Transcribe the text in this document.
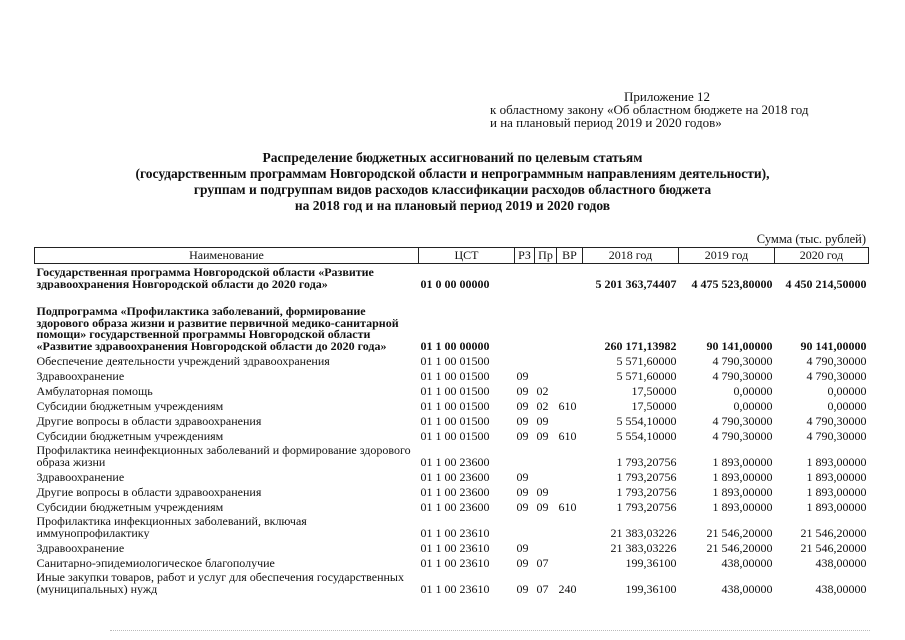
Приложение 12
к областному закону «Об областном бюджете на 2018 год
и на плановый период 2019 и 2020 годов»
Распределение бюджетных ассигнований по целевым статьям
(государственным программам Новгородской области и непрограммным направлениям деятельности),
группам и подгруппам видов расходов классификации расходов областного бюджета
на 2018 год и на плановый период 2019 и 2020 годов
Сумма (тыс. рублей)
Наименование	ЦСТ	РЗ	Пр	ВР	2018 год	2019 год	2020 год
Государственная программа Новгородской области «Развитие здравоохранения Новгородской области до 2020 года»	01 0 00 00000				5 201 363,74407	4 475 523,80000	4 450 214,50000
Подпрограмма «Профилактика заболеваний, формирование здорового образа жизни и развитие первичной медико-санитарной помощи» государственной программы Новгородской области «Развитие здравоохранения Новгородской области до 2020 года»	01 1 00 00000				260 171,13982	90 141,00000	90 141,00000
Обеспечение деятельности учреждений здравоохранения	01 1 00 01500				5 571,60000	4 790,30000	4 790,30000
Здравоохранение	01 1 00 01500	09			5 571,60000	4 790,30000	4 790,30000
Амбулаторная помощь	01 1 00 01500	09	02		17,50000	0,00000	0,00000
Субсидии бюджетным учреждениям	01 1 00 01500	09	02	610	17,50000	0,00000	0,00000
Другие вопросы в области здравоохранения	01 1 00 01500	09	09		5 554,10000	4 790,30000	4 790,30000
Субсидии бюджетным учреждениям	01 1 00 01500	09	09	610	5 554,10000	4 790,30000	4 790,30000
Профилактика неинфекционных заболеваний и формирование здорового образа жизни	01 1 00 23600				1 793,20756	1 893,00000	1 893,00000
Здравоохранение	01 1 00 23600	09			1 793,20756	1 893,00000	1 893,00000
Другие вопросы в области здравоохранения	01 1 00 23600	09	09		1 793,20756	1 893,00000	1 893,00000
Субсидии бюджетным учреждениям	01 1 00 23600	09	09	610	1 793,20756	1 893,00000	1 893,00000
Профилактика инфекционных заболеваний, включая иммунопрофилактику	01 1 00 23610				21 383,03226	21 546,20000	21 546,20000
Здравоохранение	01 1 00 23610	09			21 383,03226	21 546,20000	21 546,20000
Санитарно-эпидемиологическое благополучие	01 1 00 23610	09	07		199,36100	438,00000	438,00000
Иные закупки товаров, работ и услуг для обеспечения государственных (муниципальных) нужд	01 1 00 23610	09	07	240	199,36100	438,00000	438,00000
